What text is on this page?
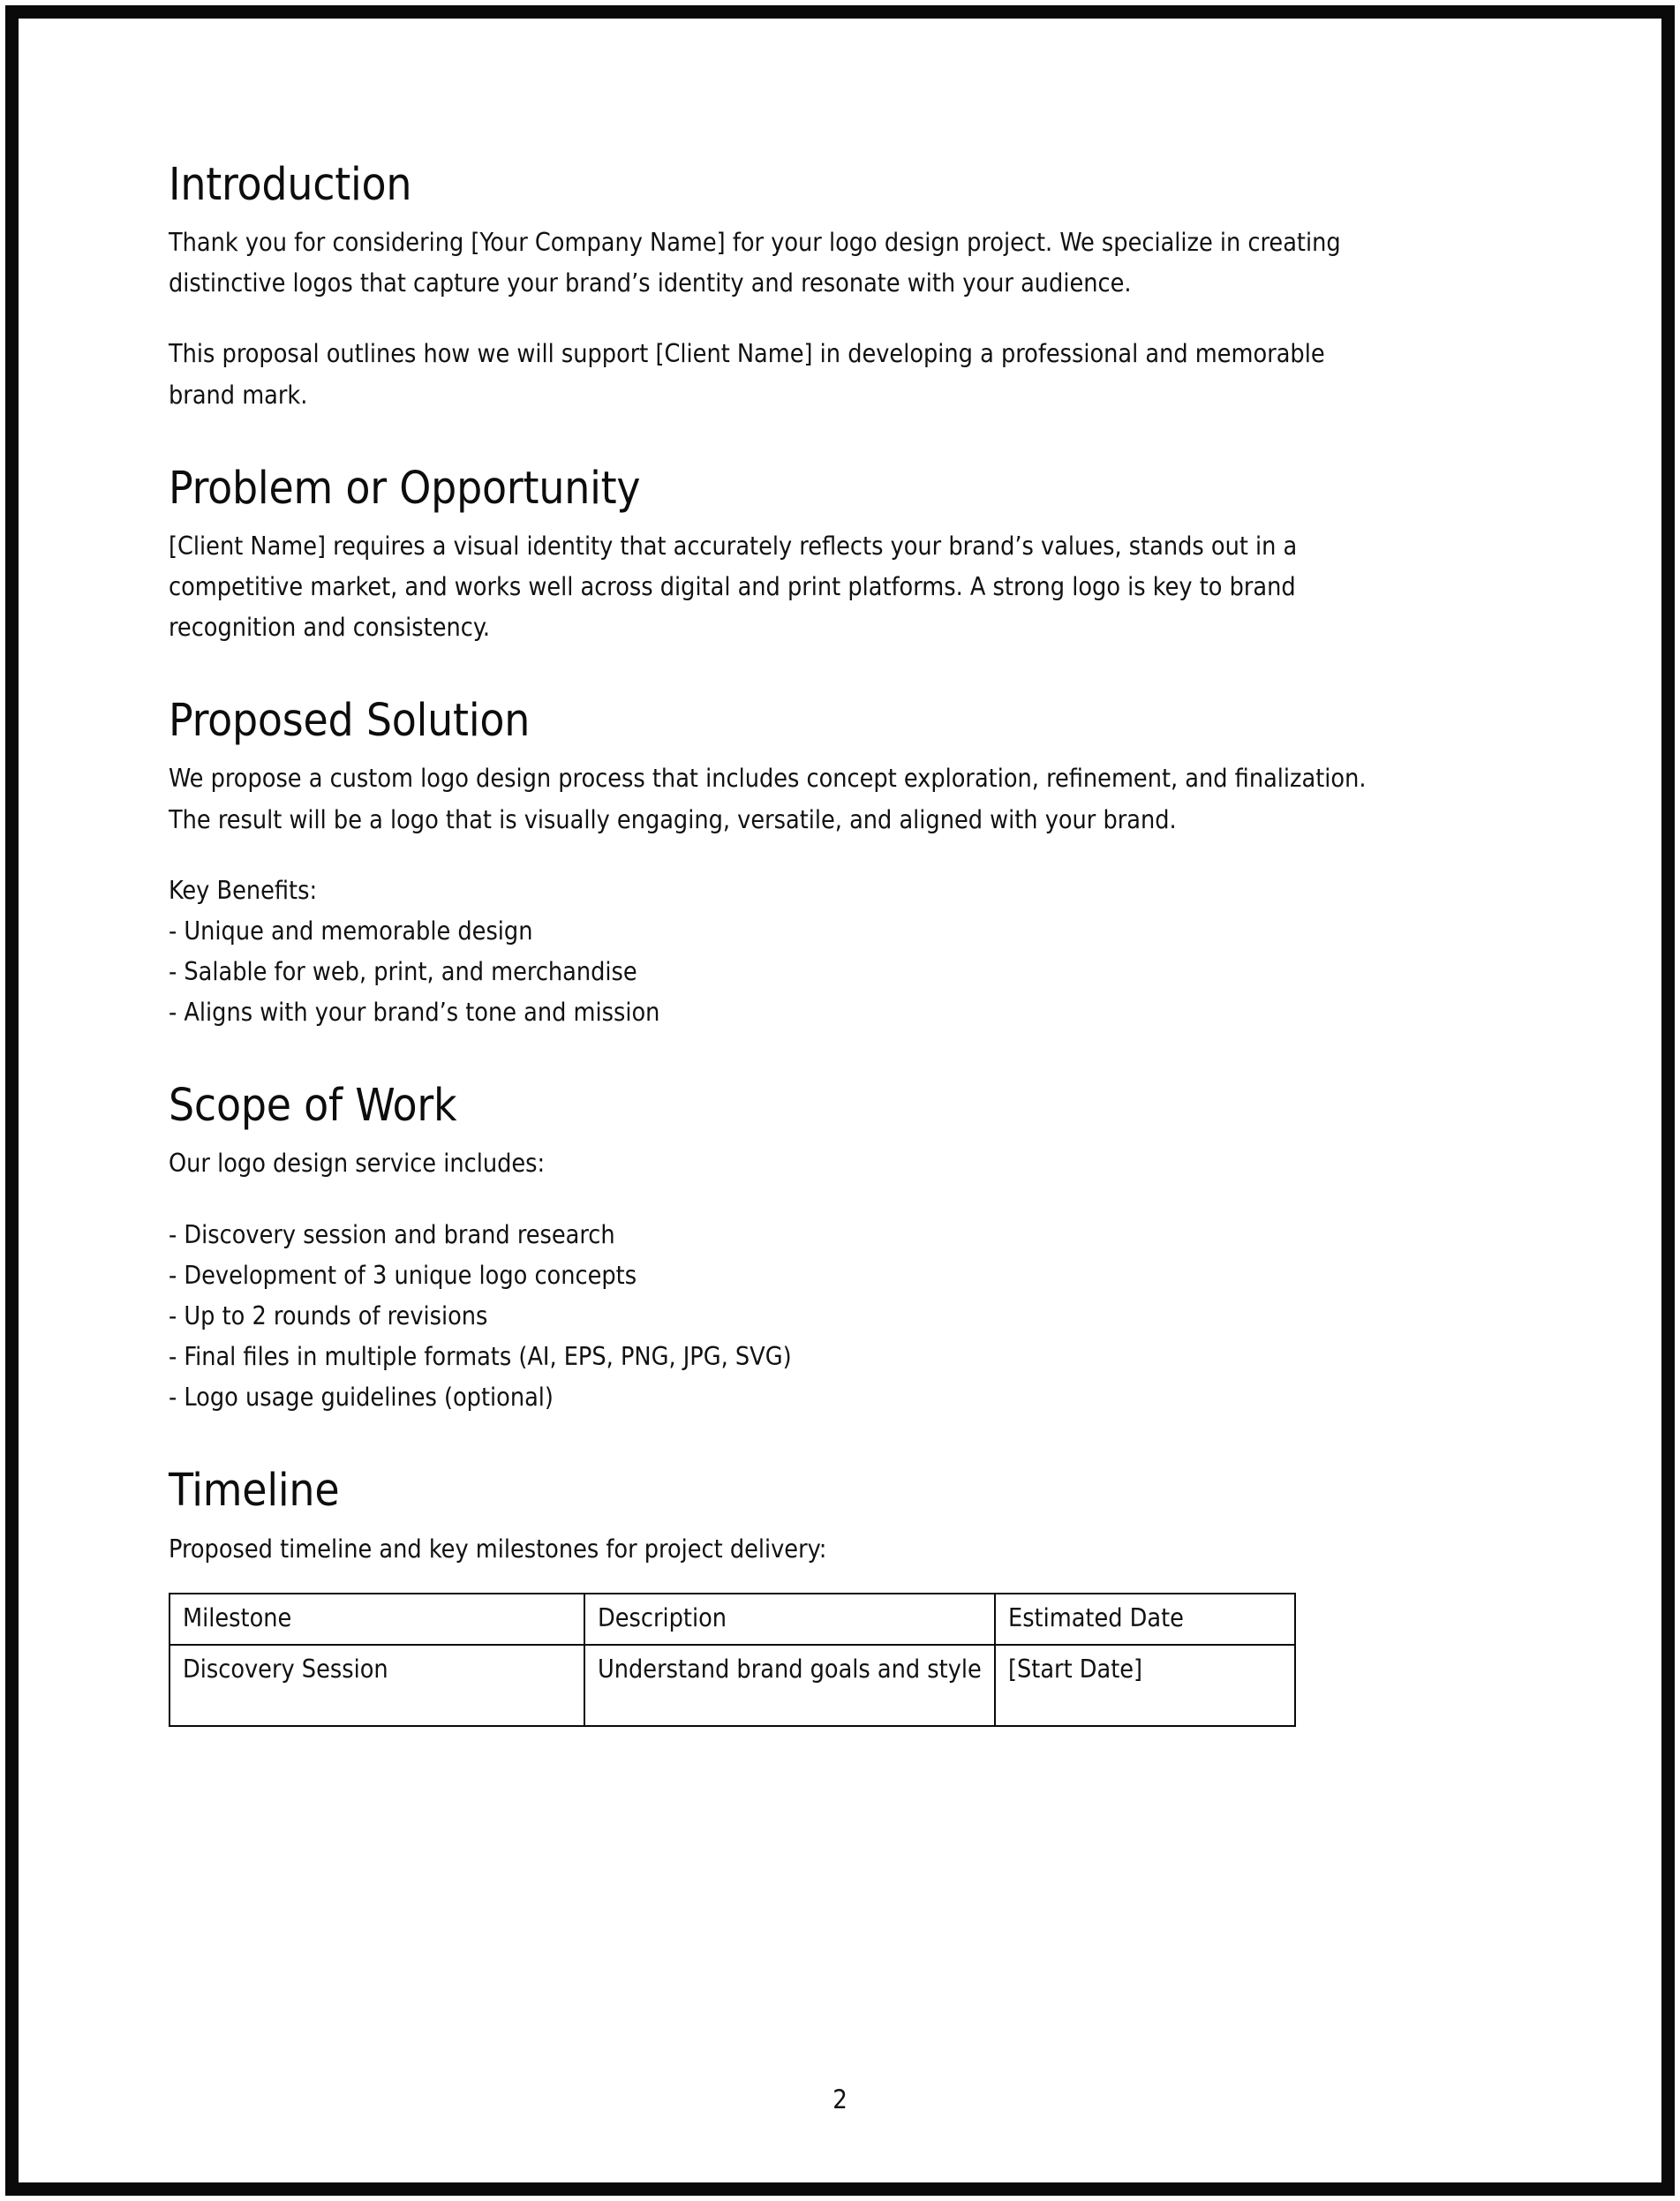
Introduction

Thank you for considering [Your Company Name] for your logo design project. We specialize in creating distinctive logos that capture your brand’s identity and resonate with your audience.

This proposal outlines how we will support [Client Name] in developing a professional and memorable brand mark.

Problem or Opportunity

[Client Name] requires a visual identity that accurately reflects your brand’s values, stands out in a competitive market, and works well across digital and print platforms. A strong logo is key to brand recognition and consistency.

Proposed Solution

We propose a custom logo design process that includes concept exploration, refinement, and finalization. The result will be a logo that is visually engaging, versatile, and aligned with your brand.

Key Benefits:

- Unique and memorable design
- Salable for web, print, and merchandise
- Aligns with your brand’s tone and mission
Scope of Work

Our logo design service includes:

- Discovery session and brand research
- Development of 3 unique logo concepts
- Up to 2 rounds of revisions
- Final files in multiple formats (AI, EPS, PNG, JPG, SVG)
- Logo usage guidelines (optional)
Timeline

Proposed timeline and key milestones for project delivery:

Milestone	Description	Estimated Date
Discovery Session	Understand brand goals and style	[Start Date]
2
